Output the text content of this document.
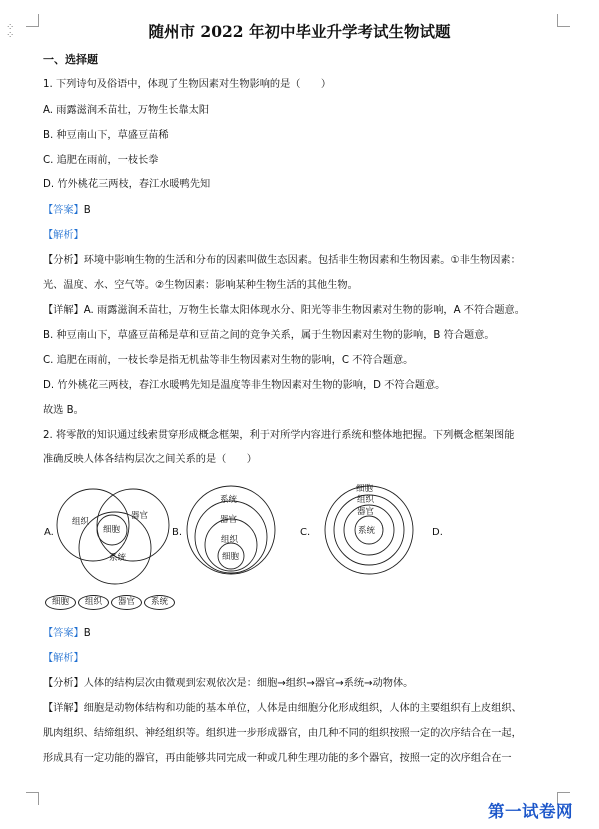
⁘
⁘	随州市 2022 年初中毕业升学考试生物试题
一、选择题
1. 下列诗句及俗语中，体现了生物因素对生物影响的是（　　）
A. 雨露滋润禾苗壮，万物生长靠太阳
B. 种豆南山下，草盛豆苗稀
C. 追肥在雨前，一枝长拳
D. 竹外桃花三两枝，春江水暖鸭先知
【答案】B
【解析】
【分析】环境中影响生物的生活和分布的因素叫做生态因素。包括非生物因素和生物因素。①非生物因素：
光、温度、水、空气等。②生物因素：影响某种生物生活的其他生物。
【详解】A. 雨露滋润禾苗壮，万物生长靠太阳体现水分、阳光等非生物因素对生物的影响，A 不符合题意。
B. 种豆南山下，草盛豆苗稀是草和豆苗之间的竞争关系，属于生物因素对生物的影响，B 符合题意。
C. 追肥在雨前，一枝长拳是指无机盐等非生物因素对生物的影响，C 不符合题意。
D. 竹外桃花三两枝，春江水暖鸭先知是温度等非生物因素对生物的影响，D 不符合题意。
故选 B。
2. 将零散的知识通过线索贯穿形成概念框架，利于对所学内容进行系统和整体地把握。下列概念框架图能
准确反映人体各结构层次之间关系的是（　　）
A.
组织
器官
细胞
系统
B.
系统
器官
组织
细胞
C.
细胞
组织
器官
系统	D.
细胞	组织	器官	系统
【答案】B
【解析】
【分析】人体的结构层次由微观到宏观依次是：细胞→组织→器官→系统→动物体。
【详解】细胞是动物体结构和功能的基本单位，人体是由细胞分化形成组织，人体的主要组织有上皮组织、
肌肉组织、结缔组织、神经组织等。组织进一步形成器官，由几种不同的组织按照一定的次序结合在一起，
形成具有一定功能的器官，再由能够共同完成一种或几种生理功能的多个器官，按照一定的次序组合在一
第一试卷网
